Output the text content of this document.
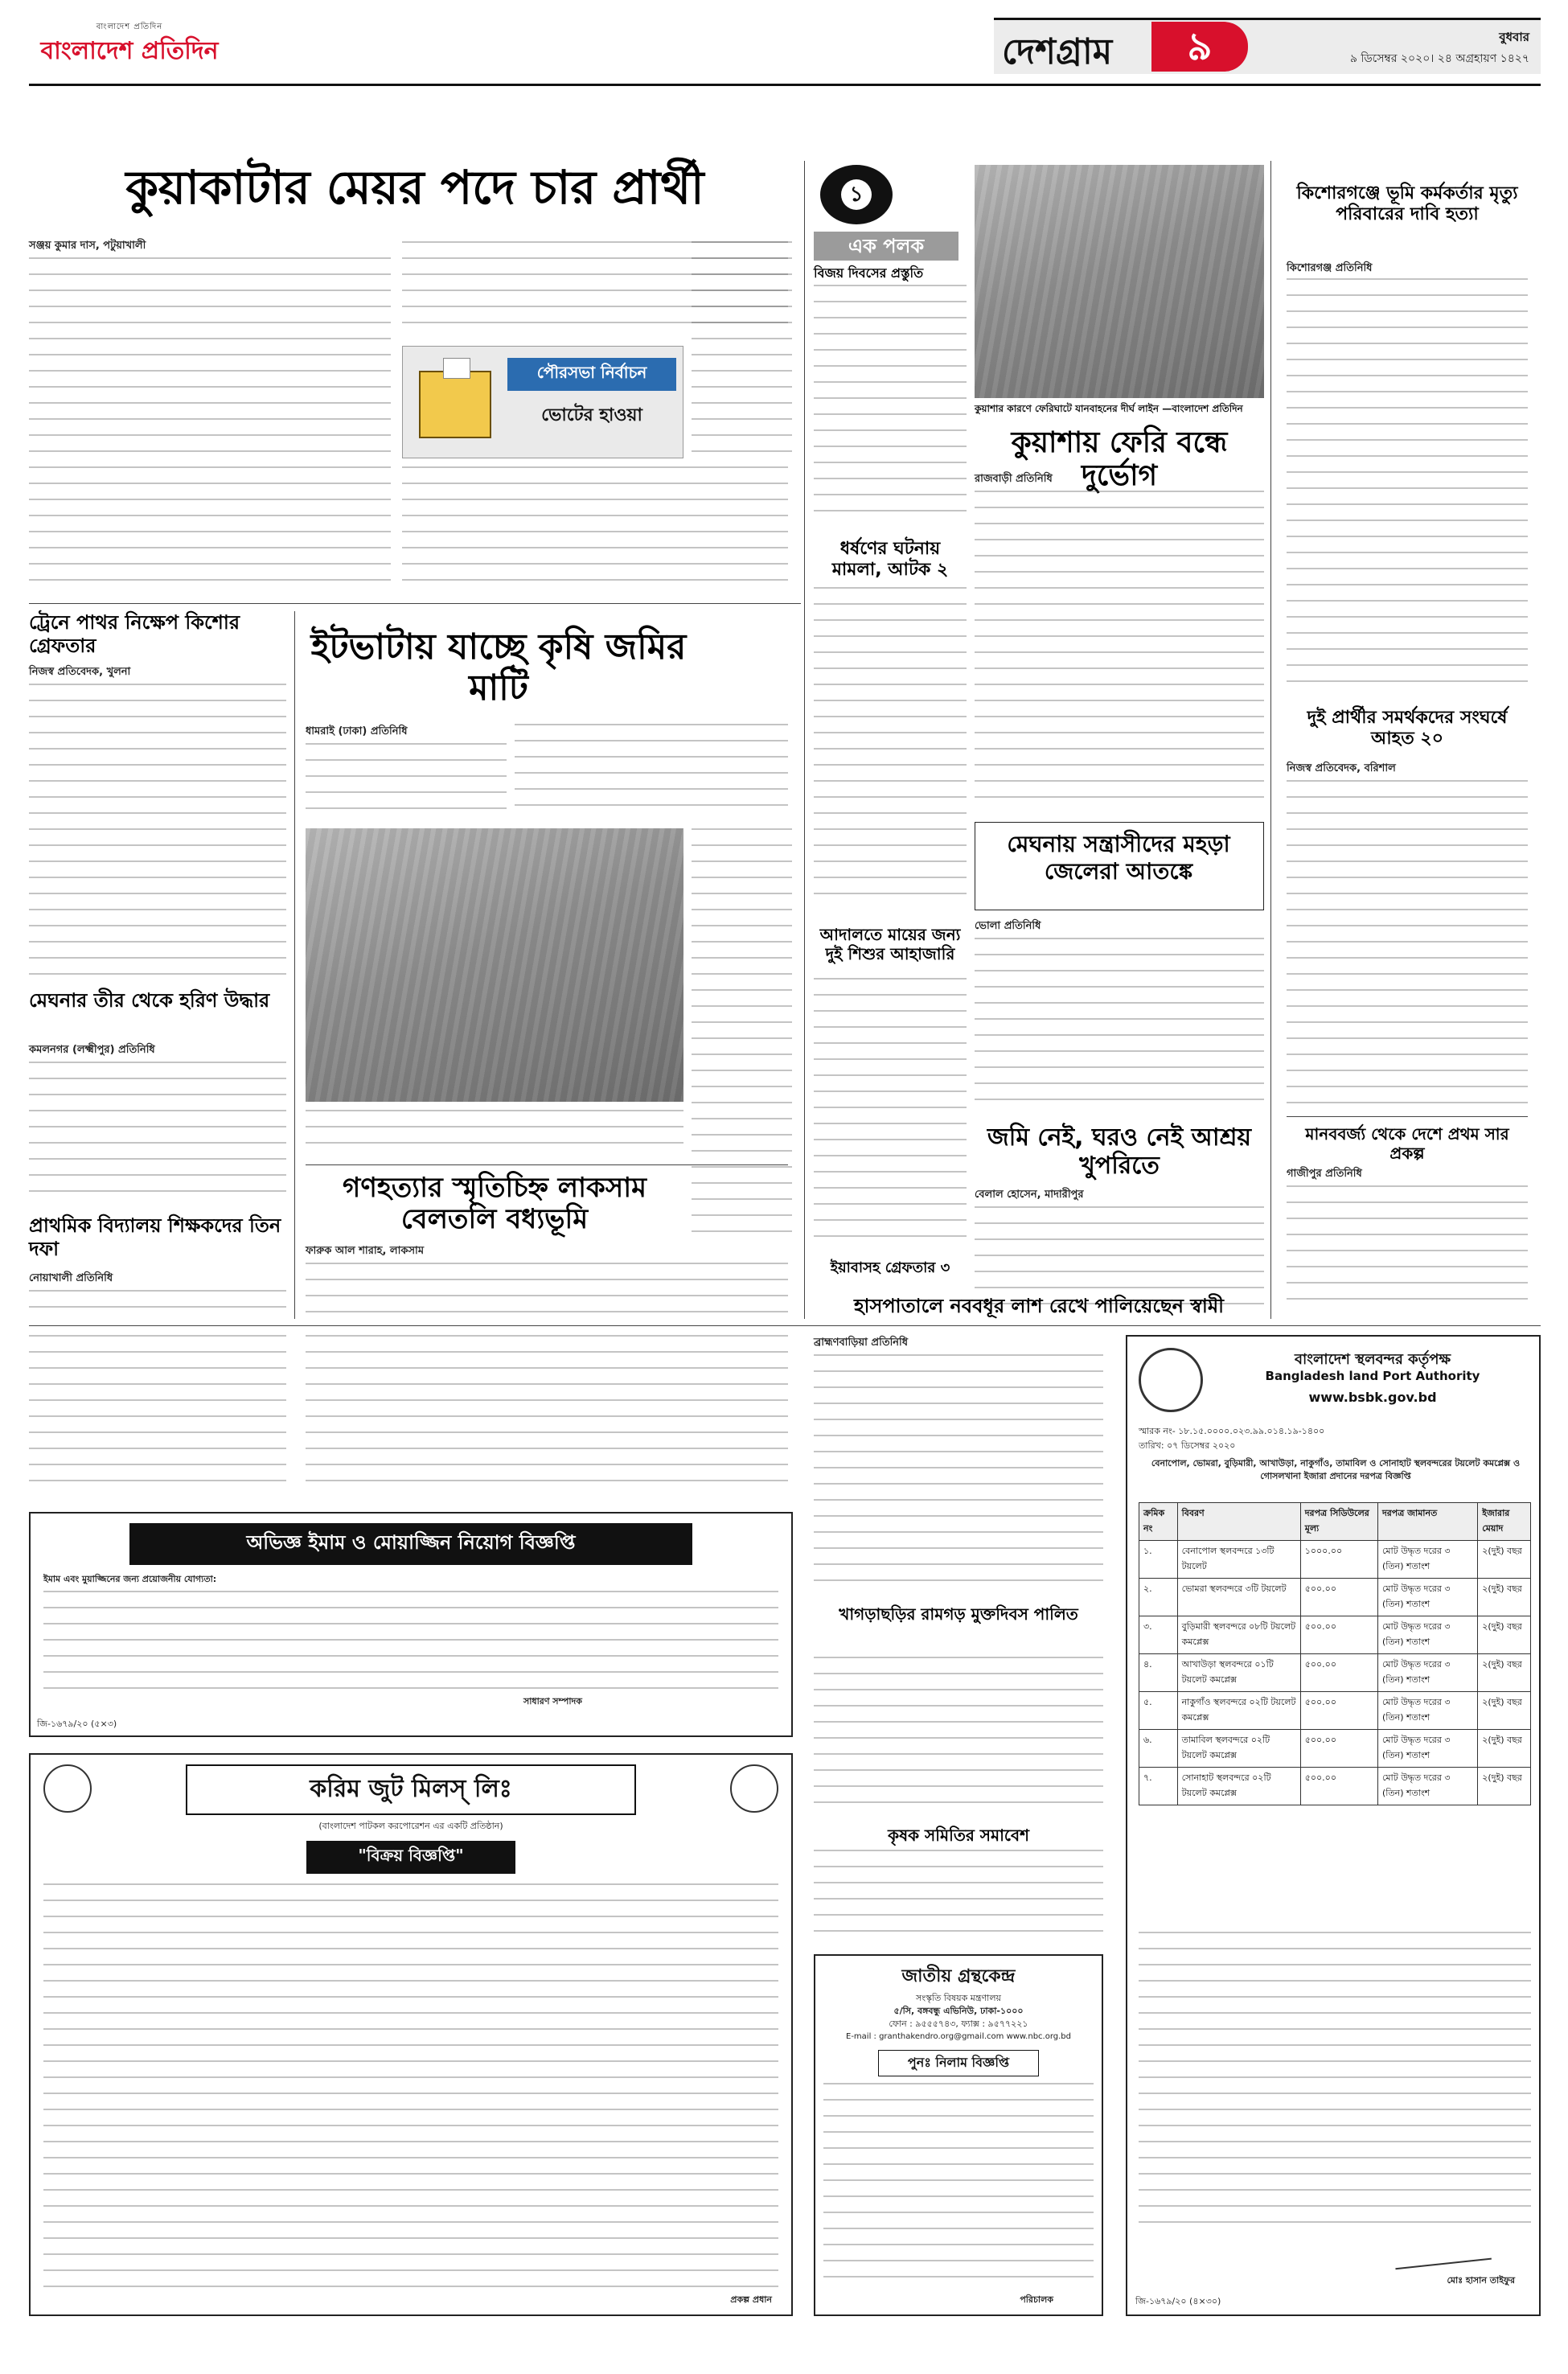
বাংলাদেশ প্রতিদিন
বাংলাদেশ প্রতিদিন	দেশগ্রাম	৯	বুধবার
৯ ডিসেম্বর ২০২০। ২৪ অগ্রহায়ণ ১৪২৭
কুয়াকাটার মেয়র পদে চার প্রার্থী
সঞ্জয় কুমার দাস, পটুয়াখালী
পৌরসভা নির্বাচন
ভোটের হাওয়া
১
এক পলক
বিজয় দিবসের প্রস্তুতি
ধর্ষণের ঘটনায় মামলা, আটক ২
আদালতে মায়ের জন্য দুই শিশুর আহাজারি
ইয়াবাসহ গ্রেফতার ৩
কিশোরগঞ্জে ভূমি কর্মকর্তার মৃত্যু পরিবারের দাবি হত্যা
কিশোরগঞ্জ প্রতিনিধি
কুয়াশার কারণে ফেরিঘাটে যানবাহনের দীর্ঘ লাইন —বাংলাদেশ প্রতিদিন
কুয়াশায় ফেরি বন্ধে দুর্ভোগ
রাজবাড়ী প্রতিনিধি
দুই প্রার্থীর সমর্থকদের সংঘর্ষে আহত ২০
নিজস্ব প্রতিবেদক, বরিশাল
মানববর্জ্য থেকে দেশে প্রথম সার প্রকল্প
গাজীপুর প্রতিনিধি
মেঘনায় সন্ত্রাসীদের মহড়া জেলেরা আতঙ্কে
ভোলা প্রতিনিধি
জমি নেই, ঘরও নেই আশ্রয় খুপরিতে
বেলাল হোসেন, মাদারীপুর
ট্রেনে পাথর নিক্ষেপ কিশোর গ্রেফতার
নিজস্ব প্রতিবেদক, খুলনা
ইটভাটায় যাচ্ছে কৃষি জমির মাটি
ধামরাই (ঢাকা) প্রতিনিধি
মেঘনার তীর থেকে হরিণ উদ্ধার
কমলনগর (লক্ষ্মীপুর) প্রতিনিধি
প্রাথমিক বিদ্যালয় শিক্ষকদের তিন দফা
নোয়াখালী প্রতিনিধি
গণহত্যার স্মৃতিচিহ্ন লাকসাম বেলতলি বধ্যভূমি
ফারুক আল শারাহ, লাকসাম
হাসপাতালে নববধূর লাশ রেখে পালিয়েছেন স্বামী
ব্রাহ্মণবাড়িয়া প্রতিনিধি
খাগড়াছড়ির রামগড় মুক্তদিবস পালিত
কৃষক সমিতির সমাবেশ
অভিজ্ঞ ইমাম ও মোয়াজ্জিন নিয়োগ বিজ্ঞপ্তি
ইমাম এবং মুয়াজ্জিনের জন্য প্রয়োজনীয় যোগ্যতা:
সাধারণ সম্পাদক
জি-১৬৭৯/২০ (৫×৩)
করিম জুট মিলস্ লিঃ
(বাংলাদেশ পাটকল করপোরেশন এর একটি প্রতিষ্ঠান)
"বিক্রয় বিজ্ঞপ্তি"
প্রকল্প প্রধান
জাতীয় গ্রন্থকেন্দ্র
সংস্কৃতি বিষয়ক মন্ত্রণালয়
৫/সি, বঙ্গবন্ধু এভিনিউ, ঢাকা-১০০০
ফোন : ৯৫৫৫৭৪৩, ফ্যাক্স : ৯৫৭৭২২১
E-mail : granthakendro.org@gmail.com www.nbc.org.bd
পুনঃ নিলাম বিজ্ঞপ্তি
পরিচালক
বাংলাদেশ স্থলবন্দর কর্তৃপক্ষ
Bangladesh land Port Authority
www.bsbk.gov.bd
স্মারক নং- ১৮.১৫.০০০০.০২৩.৯৯.০১৪.১৯-১৪০০
তারিখ: ০৭ ডিসেম্বর ২০২০
বেনাপোল, ভোমরা, বুড়িমারী, আখাউড়া, নাকুগাঁও, তামাবিল ও সোনাহাট স্থলবন্দরের টয়লেট কমপ্লেক্স ও গোসলখানা ইজারা প্রদানের দরপত্র বিজ্ঞপ্তি
ক্রমিক নং	বিবরণ	দরপত্র সিডিউলের মূল্য	দরপত্র জামানত	ইজারার মেয়াদ
১.	বেনাপোল স্থলবন্দরে ১৩টি টয়লেট	১০০০.০০	মোট উদ্ধৃত দরের ৩ (তিন) শতাংশ	২(দুই) বছর
২.	ভোমরা স্থলবন্দরে ৩টি টয়লেট	৫০০.০০	মোট উদ্ধৃত দরের ৩ (তিন) শতাংশ	২(দুই) বছর
৩.	বুড়িমারী স্থলবন্দরে ০৮টি টয়লেট কমপ্লেক্স	৫০০.০০	মোট উদ্ধৃত দরের ৩ (তিন) শতাংশ	২(দুই) বছর
৪.	আখাউড়া স্থলবন্দরে ০১টি টয়লেট কমপ্লেক্স	৫০০.০০	মোট উদ্ধৃত দরের ৩ (তিন) শতাংশ	২(দুই) বছর
৫.	নাকুগাঁও স্থলবন্দরে ০২টি টয়লেট কমপ্লেক্স	৫০০.০০	মোট উদ্ধৃত দরের ৩ (তিন) শতাংশ	২(দুই) বছর
৬.	তামাবিল স্থলবন্দরে ০২টি টয়লেট কমপ্লেক্স	৫০০.০০	মোট উদ্ধৃত দরের ৩ (তিন) শতাংশ	২(দুই) বছর
৭.	সোনাহাট স্থলবন্দরে ০২টি টয়লেট কমপ্লেক্স	৫০০.০০	মোট উদ্ধৃত দরের ৩ (তিন) শতাংশ	২(দুই) বছর
মোঃ হাসান তাইফুর
জি-১৬৭৯/২০ (৪×৩০)
